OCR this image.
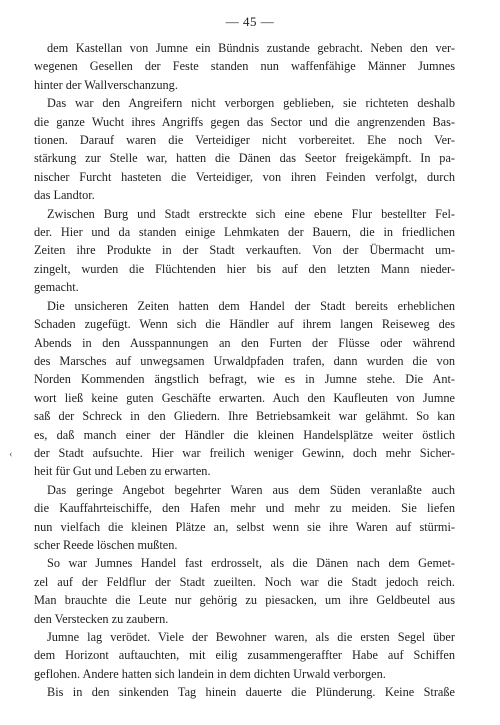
— 45 —
‹

dem Kastellan von Jumne ein Bündnis zustande gebracht. Neben den ver-
wegenen Gesellen der Feste standen nun waffenfähige Männer Jumnes
hinter der Wallverschanzung.

Das war den Angreifern nicht verborgen geblieben, sie richteten deshalb
die ganze Wucht ihres Angriffs gegen das Sector und die angrenzenden Bas-
tionen. Darauf waren die Verteidiger nicht vorbereitet. Ehe noch Ver-
stärkung zur Stelle war, hatten die Dänen das Seetor freigekämpft. In pa-
nischer Furcht hasteten die Verteidiger, von ihren Feinden verfolgt, durch
das Landtor.

Zwischen Burg und Stadt erstreckte sich eine ebene Flur bestellter Fel-
der. Hier und da standen einige Lehmkaten der Bauern, die in friedlichen
Zeiten ihre Produkte in der Stadt verkauften. Von der Übermacht um-
zingelt, wurden die Flüchtenden hier bis auf den letzten Mann nieder-
gemacht.

Die unsicheren Zeiten hatten dem Handel der Stadt bereits erheblichen
Schaden zugefügt. Wenn sich die Händler auf ihrem langen Reiseweg des
Abends in den Ausspannungen an den Furten der Flüsse oder während
des Marsches auf unwegsamen Urwaldpfaden trafen, dann wurden die von
Norden Kommenden ängstlich befragt, wie es in Jumne stehe. Die Ant-
wort ließ keine guten Geschäfte erwarten. Auch den Kaufleuten von Jumne
saß der Schreck in den Gliedern. Ihre Betriebsamkeit war gelähmt. So kan
es, daß manch einer der Händler die kleinen Handelsplätze weiter östlich
der Stadt aufsuchte. Hier war freilich weniger Gewinn, doch mehr Sicher-
heit für Gut und Leben zu erwarten.

Das geringe Angebot begehrter Waren aus dem Süden veranlaßte auch
die Kauffahrteischiffe, den Hafen mehr und mehr zu meiden. Sie liefen
nun vielfach die kleinen Plätze an, selbst wenn sie ihre Waren auf stürmi-
scher Reede löschen mußten.

So war Jumnes Handel fast erdrosselt, als die Dänen nach dem Gemet-
zel auf der Feldflur der Stadt zueilten. Noch war die Stadt jedoch reich.
Man brauchte die Leute nur gehörig zu piesacken, um ihre Geldbeutel aus
den Verstecken zu zaubern.

Jumne lag verödet. Viele der Bewohner waren, als die ersten Segel über
dem Horizont auftauchten, mit eilig zusammengeraffter Habe auf Schiffen
geflohen. Andere hatten sich landein in dem dichten Urwald verborgen.

Bis in den sinkenden Tag hinein dauerte die Plünderung. Keine Straße
